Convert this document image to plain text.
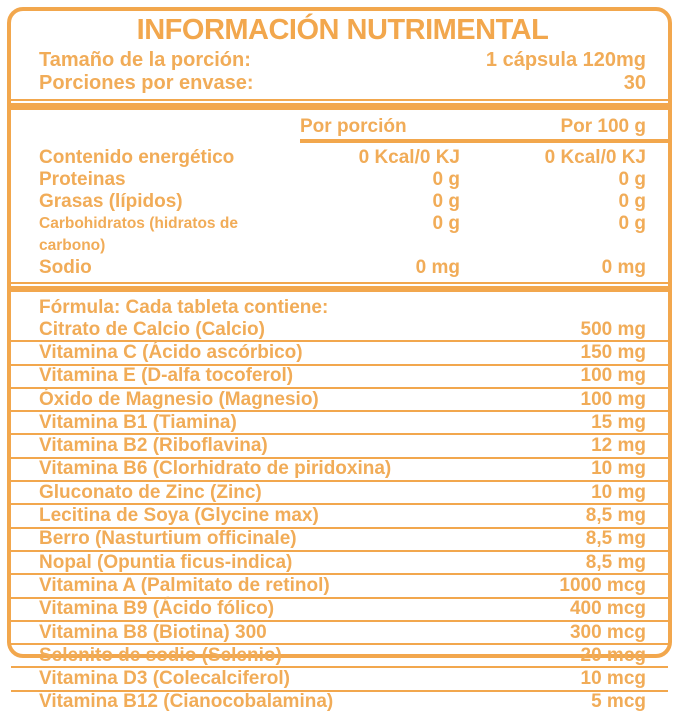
INFORMACIÓN NUTRIMENTAL
Tamaño de la porción:	1 cápsula 120mg
Porciones por envase:	30
Por porción	Por 100 g
Contenido energético	0 Kcal/0 KJ	0 Kcal/0 KJ
Proteinas	0 g	0 g
Grasas (lípidos)	0 g	0 g
Carbohidratos (hidratos de carbono)
0 g	0 g
Sodio	0 mg	0 mg
Fórmula: Cada tableta contiene:
Citrato de Calcio (Calcio)	500 mg
Vitamina C (Ácido ascórbico)	150 mg
Vitamina E (D-alfa tocoferol)	100 mg
Óxido de Magnesio (Magnesio)	100 mg
Vitamina B1 (Tiamina)	15 mg
Vitamina B2 (Riboflavina)	12 mg
Vitamina B6 (Clorhidrato de piridoxina)	10 mg
Gluconato de Zinc (Zinc)	10 mg
Lecitina de Soya (Glycine max)	8,5 mg
Berro (Nasturtium officinale)	8,5 mg
Nopal (Opuntia ficus-indica)	8,5 mg
Vitamina A (Palmitato de retinol)	1000 mcg
Vitamina B9 (Ácido fólico)	400 mcg
Vitamina B8 (Biotina) 300	300 mcg
Selenito de sodio (Selenio)	20 mcg
Vitamina D3 (Colecalciferol)	10 mcg
Vitamina B12 (Cianocobalamina)	5 mcg
